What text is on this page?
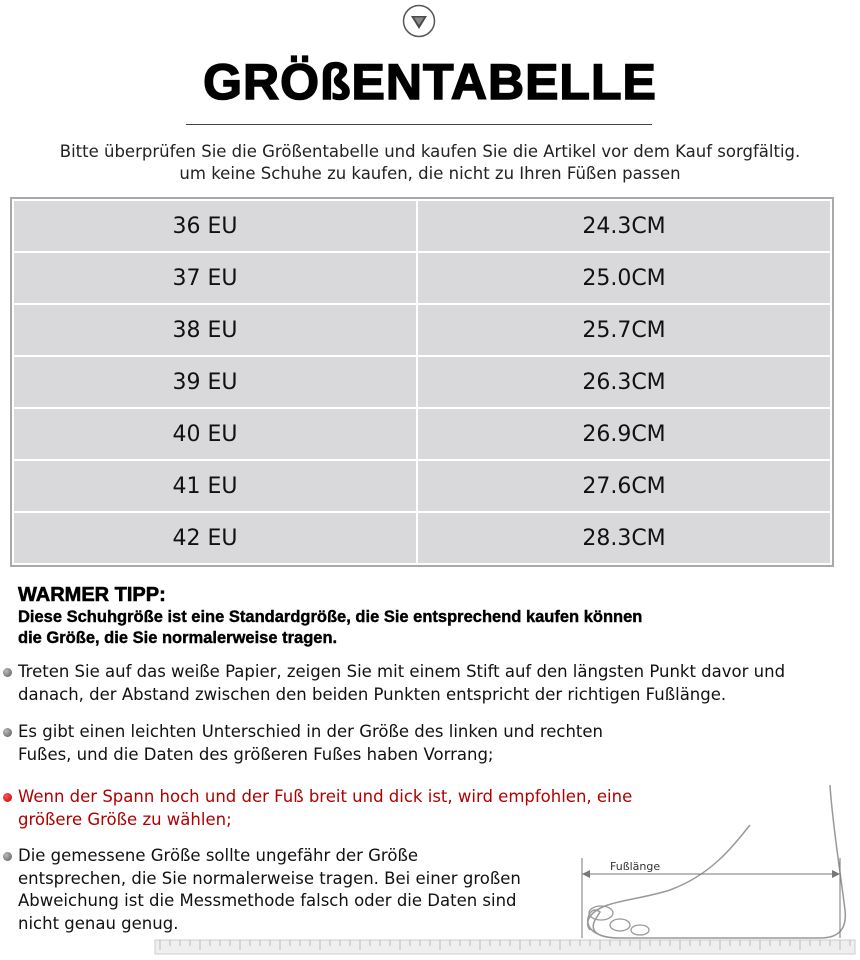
GRÖßENTABELLE
Bitte überprüfen Sie die Größentabelle und kaufen Sie die Artikel vor dem Kauf sorgfältig.
um keine Schuhe zu kaufen, die nicht zu Ihren Füßen passen
36 EU	24.3CM
37 EU	25.0CM
38 EU	25.7CM
39 EU	26.3CM
40 EU	26.9CM
41 EU	27.6CM
42 EU	28.3CM
WARMER TIPP:
Diese Schuhgröße ist eine Standardgröße, die Sie entsprechend kaufen können
die Größe, die Sie normalerweise tragen.
Fußlänge
Treten Sie auf das weiße Papier, zeigen Sie mit einem Stift auf den längsten Punkt davor und
danach, der Abstand zwischen den beiden Punkten entspricht der richtigen Fußlänge.
Es gibt einen leichten Unterschied in der Größe des linken und rechten
Fußes, und die Daten des größeren Fußes haben Vorrang;
Wenn der Spann hoch und der Fuß breit und dick ist, wird empfohlen, eine
größere Größe zu wählen;
Die gemessene Größe sollte ungefähr der Größe
entsprechen, die Sie normalerweise tragen. Bei einer großen
Abweichung ist die Messmethode falsch oder die Daten sind
nicht genau genug.
